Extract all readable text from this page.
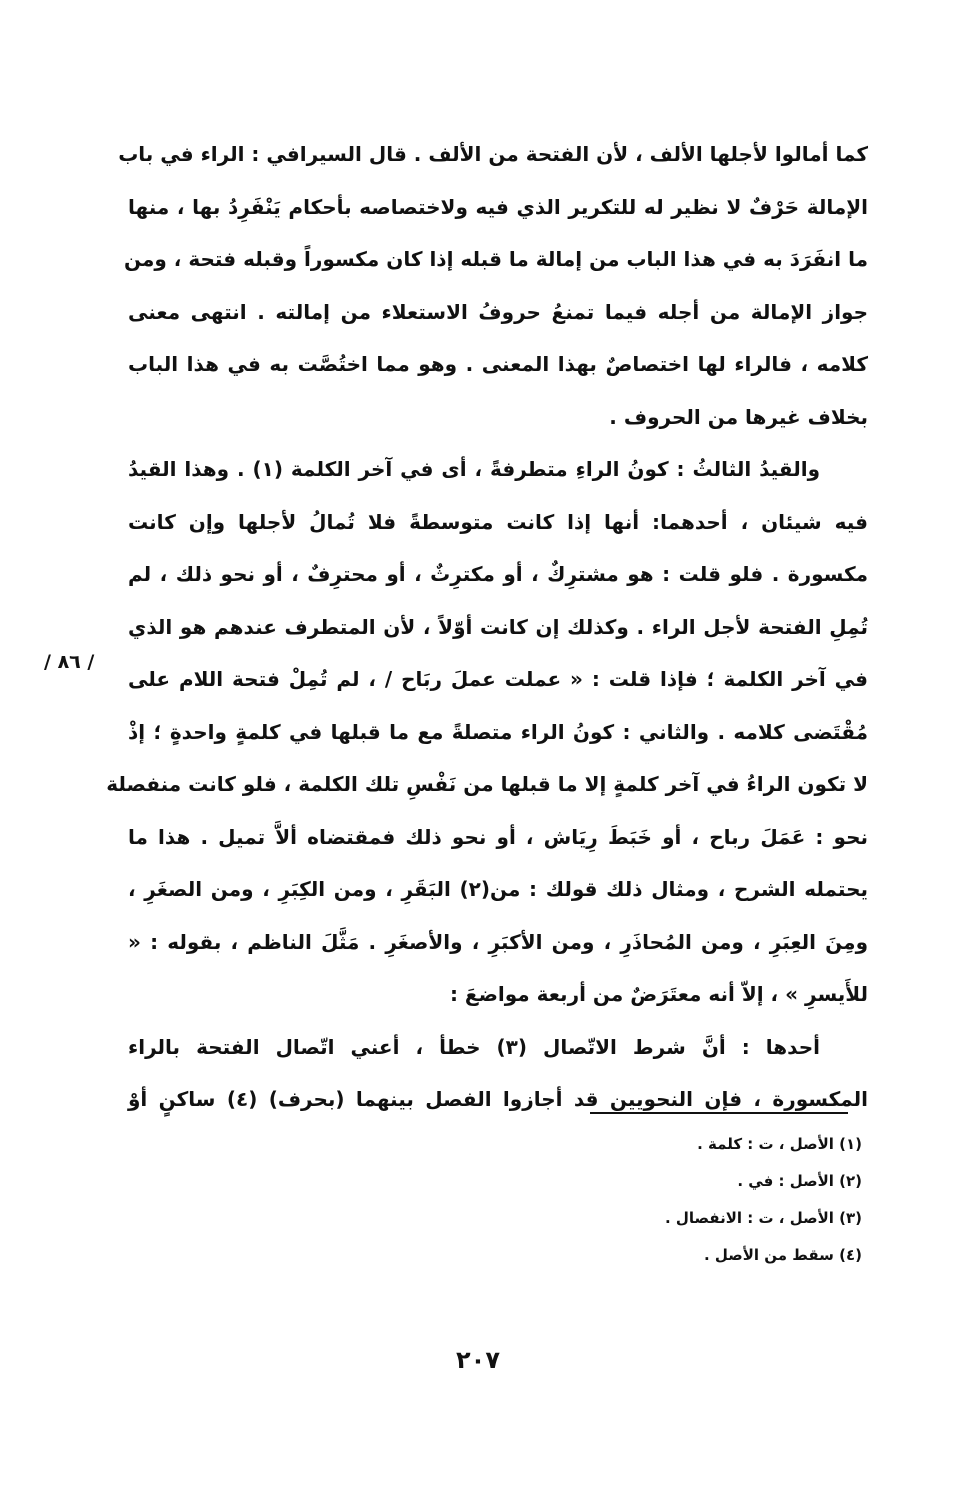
كما أمالوا لأجلها الألف ، لأن الفتحة من الألف . قال السيرافي : الراء في باب
الإمالة حَرْفٌ لا نظير له للتكرير الذي فيه ولاختصاصه بأحكام يَنْفَرِدُ بها ، منها
ما انفَرَدَ به في هذا الباب من إمالة ما قبله إذا كان مكسوراً وقبله فتحة ، ومن
جواز الإمالة من أجله فيما تمنعُ حروفُ الاستعلاء من إمالته . انتهى معنى
كلامه ، فالراء لها اختصاصٌ بهذا المعنى . وهو مما اختُصَّت به في هذا الباب
بخلاف غيرها من الحروف .
والقيدُ الثالثُ : كونُ الراءِ متطرفةً ، أى في آخر الكلمة (١) . وهذا القيدُ
فيه شيئان ، أحدهما: أنها إذا كانت متوسطةً فلا تُمالُ لأجلها وإن كانت
مكسورة . فلو قلت : هو مشترِكٌ ، أو مكترِثٌ ، أو محترِفٌ ، أو نحو ذلك ، لم
تُمِلِ الفتحة لأجل الراء . وكذلك إن كانت أوّلاً ، لأن المتطرف عندهم هو الذي
في آخر الكلمة ؛ فإذا قلت : « عملت عملَ ربَاح / ، لم تُمِلْ فتحة اللام على
مُقْتَضى كلامه . والثاني : كونُ الراء متصلةً مع ما قبلها في كلمةٍ واحدةٍ ؛ إذْ
لا تكون الراءُ في آخر كلمةٍ إلا ما قبلها من نَفْسِ تلك الكلمة ، فلو كانت منفصلة
نحو : عَمَلَ رباح ، أو خَبَطَ رِيَاش ، أو نحو ذلك فمقتضاه ألاَّ تميل . هذا ما
يحتمله الشرح ، ومثال ذلك قولك : من(٢) البَقَرِ ، ومن الكِبَرِ ، ومن الصغَرِ ،
ومِنَ العِبَرِ ، ومن المُحاذَرِ ، ومن الأكبَرِ ، والأصغَرِ . مَثَّلَ الناظم ، بقوله : «
للأَيسرِ » ، إلاّ أنه معتَرَضٌ من أربعة مواضعَ :
أحدها : أنَّ شرط الاتّصال (٣) خطأ ، أعني اتّصال الفتحة بالراء
المكسورة ، فإن النحويين قد أجازوا الفصل بينهما (بحرف) (٤) ساكنٍ أوْ
/ ٨٦ /
(١) الأصل ، ت : كلمة .
(٢) الأصل : في .
(٣) الأصل ، ت : الانفصال .
(٤) سقط من الأصل .
٢٠٧
